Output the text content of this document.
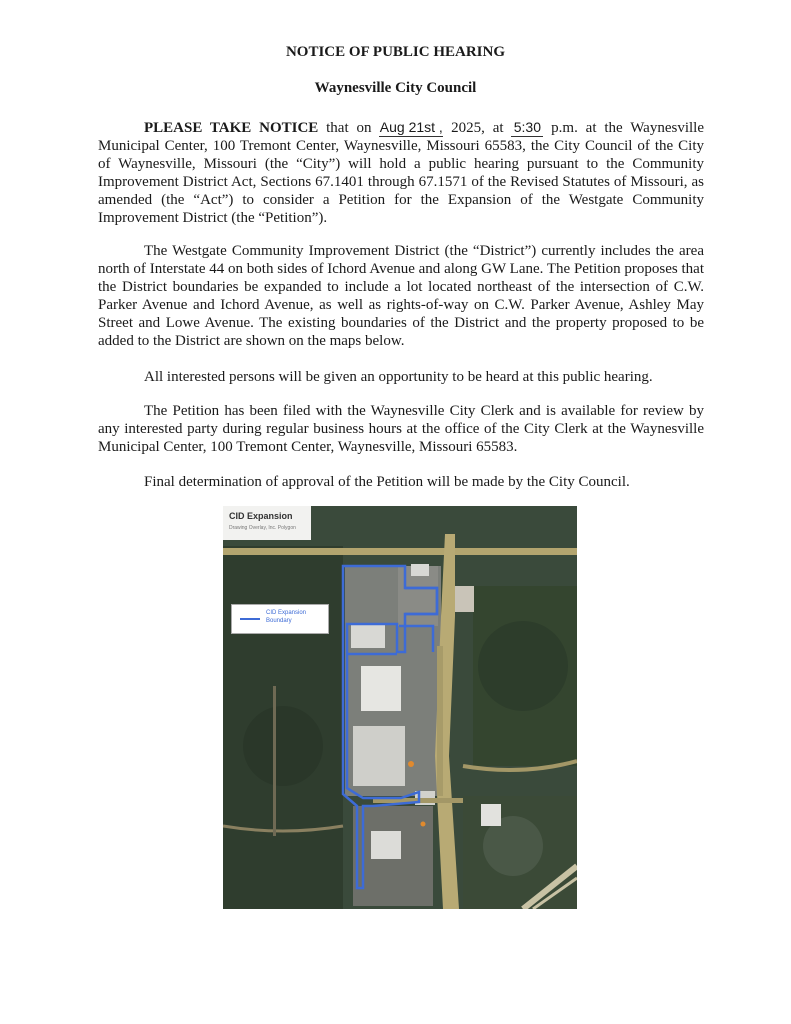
NOTICE OF PUBLIC HEARING
Waynesville City Council

PLEASE TAKE NOTICE that on Aug 21st , 2025, at 5:30 p.m. at the Waynesville Municipal Center, 100 Tremont Center, Waynesville, Missouri 65583, the City Council of the City of Waynesville, Missouri (the “City”) will hold a public hearing pursuant to the Community Improvement District Act, Sections 67.1401 through 67.1571 of the Revised Statutes of Missouri, as amended (the “Act”) to consider a Petition for the Expansion of the Westgate Community Improvement District (the “Petition”).

The Westgate Community Improvement District (the “District”) currently includes the area north of Interstate 44 on both sides of Ichord Avenue and along GW Lane. The Petition proposes that the District boundaries be expanded to include a lot located northeast of the intersection of C.W. Parker Avenue and Ichord Avenue, as well as rights-of-way on C.W. Parker Avenue, Ashley May Street and Lowe Avenue. The existing boundaries of the District and the property proposed to be added to the District are shown on the maps below.

All interested persons will be given an opportunity to be heard at this public hearing.

The Petition has been filed with the Waynesville City Clerk and is available for review by any interested party during regular business hours at the office of the City Clerk at the Waynesville Municipal Center, 100 Tremont Center, Waynesville, Missouri 65583.

Final determination of approval of the Petition will be made by the City Council.

CID Expansion
Drawing Overlay, Inc. Polygon
CID Expansion Boundary
